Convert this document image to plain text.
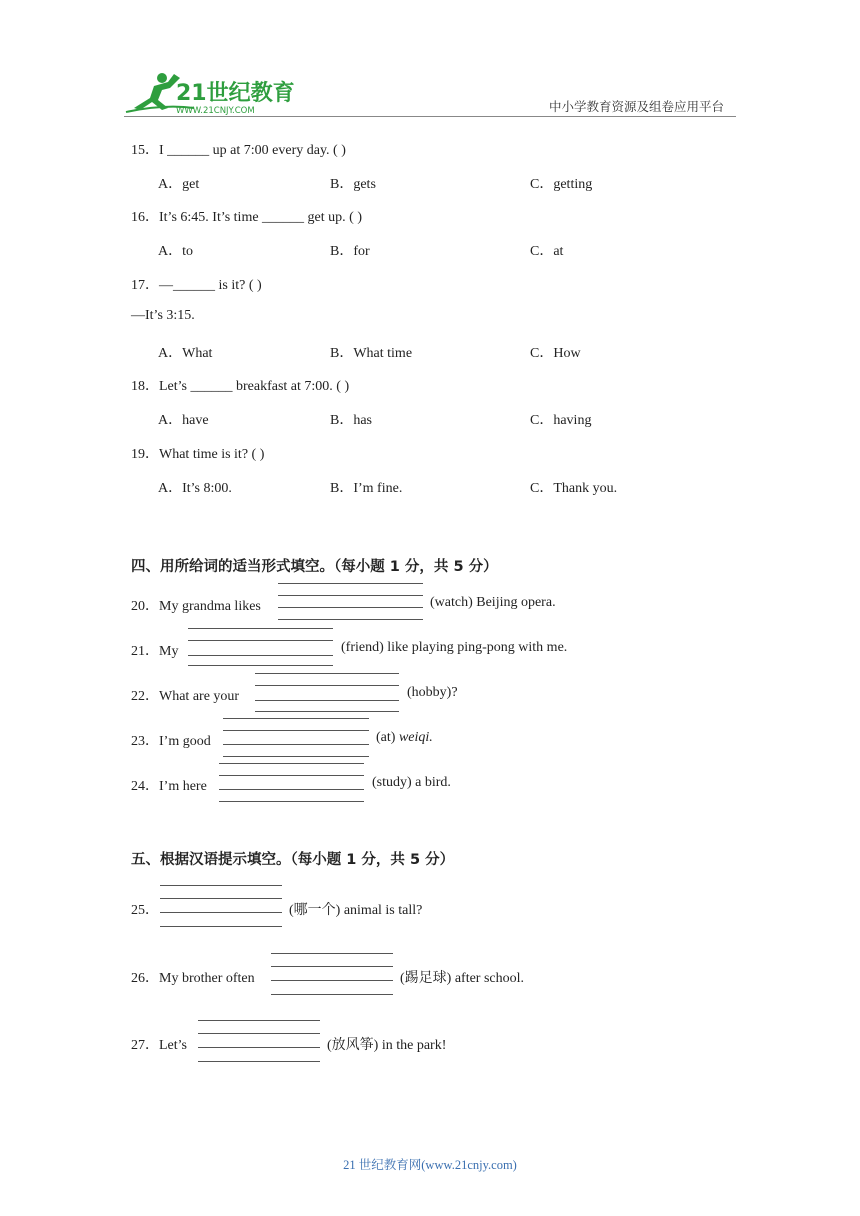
21世纪教育
WWW.21CNJY.COM	中小学教育资源及组卷应用平台
15．I ______ up at 7:00 every day. ( )
A．get	B．gets	C．getting
16．It’s 6:45. It’s time ______ get up. ( )
A．to	B．for	C．at
17．—______ is it? ( )
—It’s 3:15.
A．What	B．What time	C．How
18．Let’s ______ breakfast at 7:00. ( )
A．have	B．has	C．having
19．What time is it? ( )
A．It’s 8:00.	B．I’m fine.	C．Thank you.
四、用所给词的适当形式填空。（每小题 1 分，共 5 分）
20．My grandma likes	(watch) Beijing opera.
21．My	(friend) like playing ping-pong with me.
22．What are your	(hobby)?
23．I’m good	(at) weiqi.
24．I’m here	(study) a bird.
五、根据汉语提示填空。（每小题 1 分，共 5 分）
25．	(哪一个) animal is tall?
26．My brother often	(踢足球) after school.
27．Let’s	(放风筝) in the park!
21 世纪教育网(www.21cnjy.com)
